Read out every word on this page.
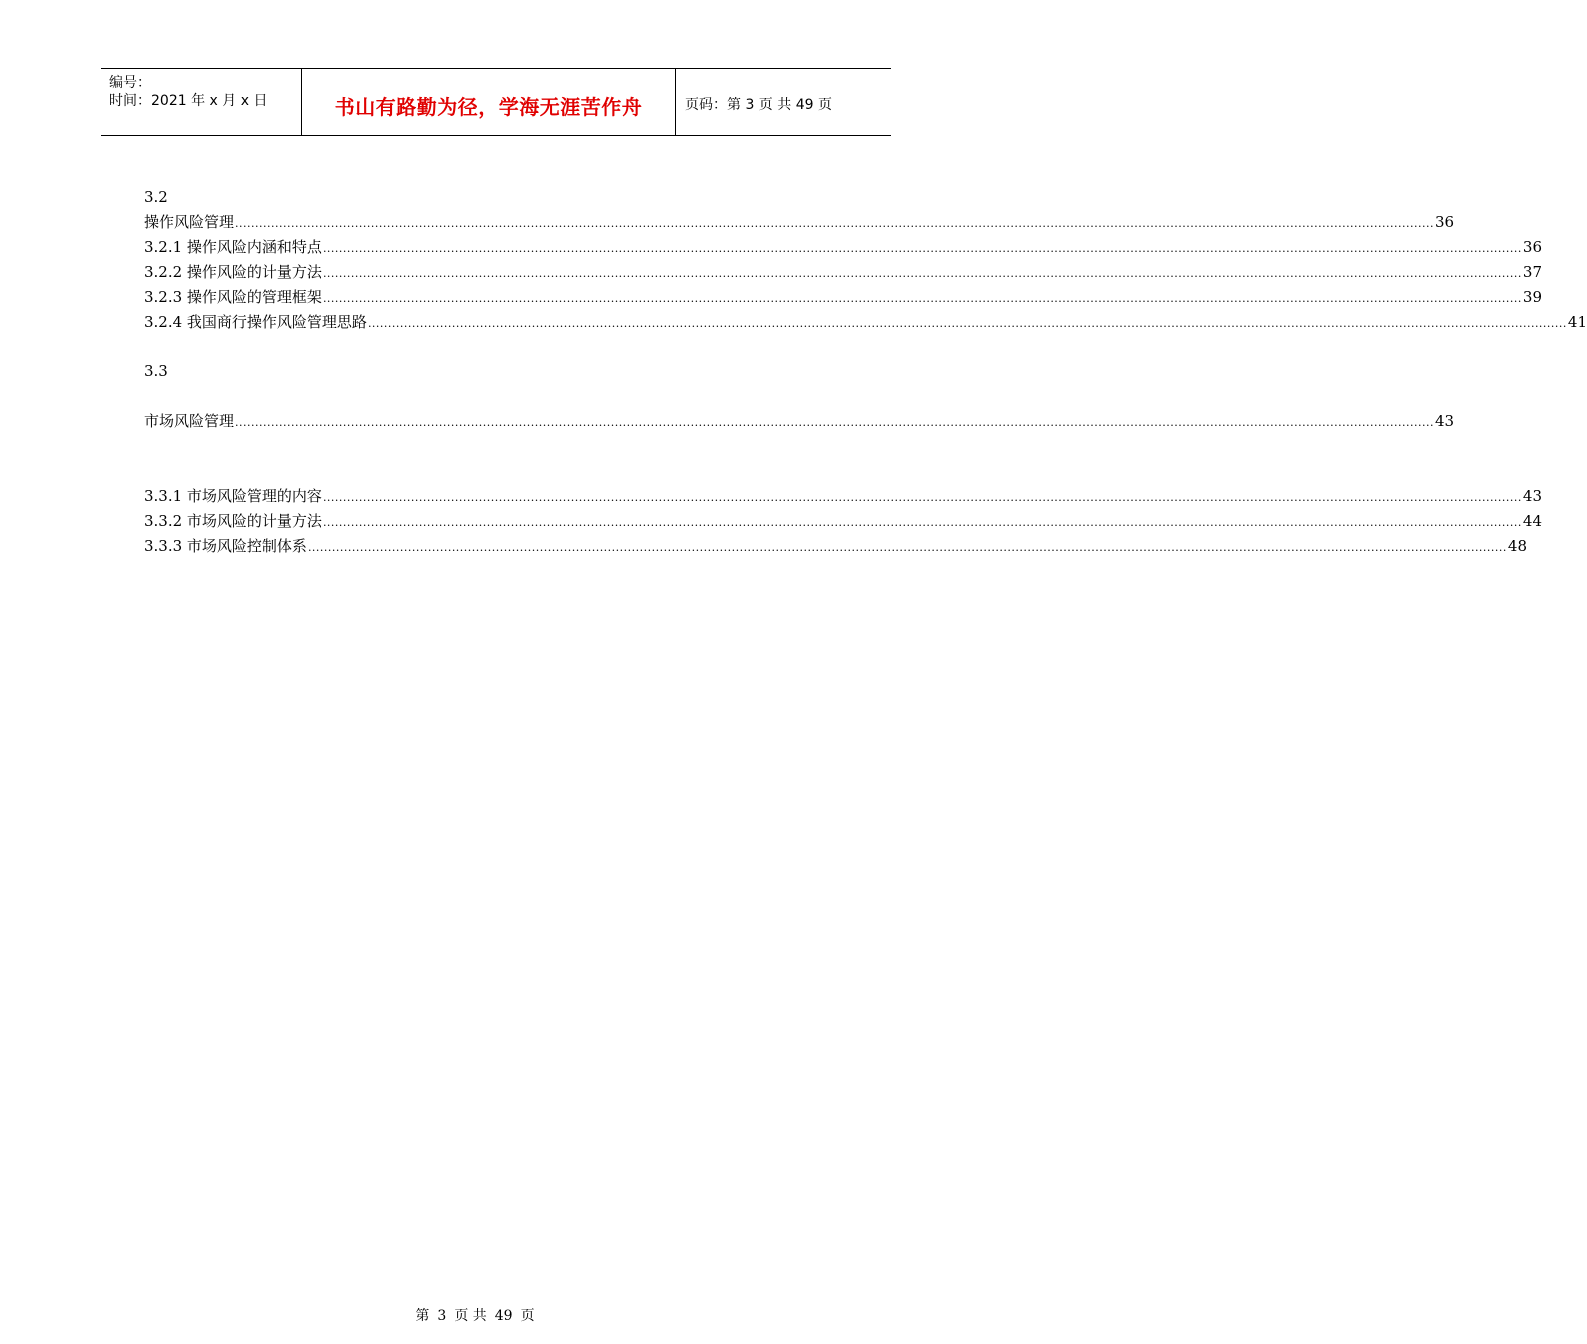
编号：
时间：2021 年 x 月 x 日	书山有路勤为径，学海无涯苦作舟	页码：第 3 页 共 49 页
3.2
操作风险管理 ............................................................................................................................................................................................................................................................................................................ 36
3.2.1 操作风险内涵和特点 ............................................................................................................................................................................................................................................................................................................ 36
3.2.2 操作风险的计量方法 ............................................................................................................................................................................................................................................................................................................ 37
3.2.3 操作风险的管理框架 ............................................................................................................................................................................................................................................................................................................ 39
3.2.4 我国商行操作风险管理思路 ............................................................................................................................................................................................................................................................................................................ 41
3.3
市场风险管理 ............................................................................................................................................................................................................................................................................................................ 43
3.3.1 市场风险管理的内容 ............................................................................................................................................................................................................................................................................................................ 43
3.3.2 市场风险的计量方法 ............................................................................................................................................................................................................................................................................................................ 44
3.3.3 市场风险控制体系 ............................................................................................................................................................................................................................................................................................................ 48
第 3 页 共 49 页
